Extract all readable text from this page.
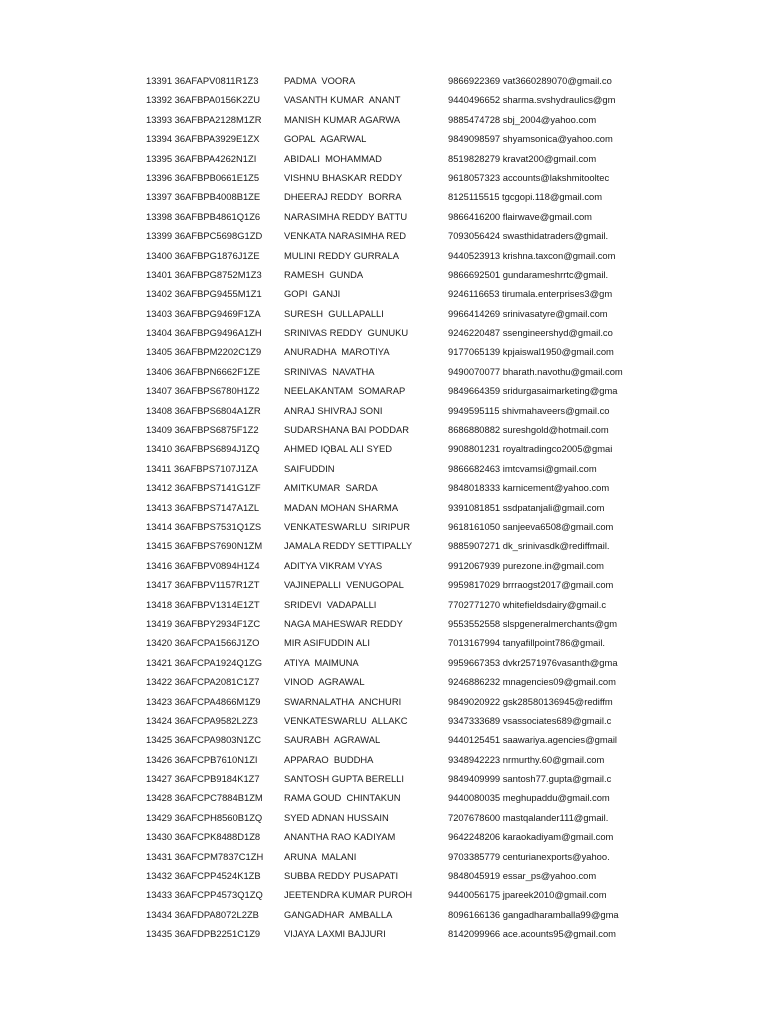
13391 36AFAPV0811R1Z3	PADMA  VOORA	9866922369 vat3660289070@gmail.co
13392 36AFBPA0156K2ZU	VASANTH KUMAR  ANANT	9440496652 sharma.svshydraulics@gm
13393 36AFBPA2128M1ZR	MANISH KUMAR AGARWA	9885474728 sbj_2004@yahoo.com
13394 36AFBPA3929E1ZX	GOPAL  AGARWAL	9849098597 shyamsonica@yahoo.com
13395 36AFBPA4262N1ZI	ABIDALI  MOHAMMAD	8519828279 kravat200@gmail.com
13396 36AFBPB0661E1Z5	VISHNU BHASKAR REDDY	9618057323 accounts@lakshmitooltec
13397 36AFBPB4008B1ZE	DHEERAJ REDDY  BORRA	8125115515 tgcgopi.118@gmail.com
13398 36AFBPB4861Q1Z6	NARASIMHA REDDY BATTU	9866416200 flairwave@gmail.com
13399 36AFBPC5698G1ZD	VENKATA NARASIMHA RED	7093056424 swasthidatraders@gmail.
13400 36AFBPG1876J1ZE	MULINI REDDY GURRALA	9440523913 krishna.taxcon@gmail.com
13401 36AFBPG8752M1Z3	RAMESH  GUNDA	9866692501 gundarameshrrtc@gmail.
13402 36AFBPG9455M1Z1	GOPI  GANJI	9246116653 tirumala.enterprises3@gm
13403 36AFBPG9469F1ZA	SURESH  GULLAPALLI	9966414269 srinivasatyre@gmail.com
13404 36AFBPG9496A1ZH	SRINIVAS REDDY  GUNUKU	9246220487 ssengineershyd@gmail.co
13405 36AFBPM2202C1Z9	ANURADHA  MAROTIYA	9177065139 kpjaiswal1950@gmail.com
13406 36AFBPN6662F1ZE	SRINIVAS  NAVATHA	9490070077 bharath.navothu@gmail.com
13407 36AFBPS6780H1Z2	NEELAKANTAM  SOMARAP	9849664359 sridurgasaimarketing@gma
13408 36AFBPS6804A1ZR	ANRAJ SHIVRAJ SONI	9949595115 shivmahaveers@gmail.co
13409 36AFBPS6875F1Z2	SUDARSHANA BAI PODDAR	8686880882 sureshgold@hotmail.com
13410 36AFBPS6894J1ZQ	AHMED IQBAL ALI SYED	9908801231 royaltradingco2005@gmai
13411 36AFBPS7107J1ZA	SAIFUDDIN	9866682463 imtcvamsi@gmail.com
13412 36AFBPS7141G1ZF	AMITKUMAR  SARDA	9848018333 karnicement@yahoo.com
13413 36AFBPS7147A1ZL	MADAN MOHAN SHARMA	9391081851 ssdpatanjali@gmail.com
13414 36AFBPS7531Q1ZS	VENKATESWARLU  SIRIPUR	9618161050 sanjeeva6508@gmail.com
13415 36AFBPS7690N1ZM	JAMALA REDDY SETTIPALLY	9885907271 dk_srinivasdk@rediffmail.
13416 36AFBPV0894H1Z4	ADITYA VIKRAM VYAS	9912067939 purezone.in@gmail.com
13417 36AFBPV1157R1ZT	VAJINEPALLI  VENUGOPAL	9959817029 brrraogst2017@gmail.com
13418 36AFBPV1314E1ZT	SRIDEVI  VADAPALLI	7702771270 whitefieldsdairy@gmail.c
13419 36AFBPY2934F1ZC	NAGA MAHESWAR REDDY	9553552558 slspgeneralmerchants@gm
13420 36AFCPA1566J1ZO	MIR ASIFUDDIN ALI	7013167994 tanyafillpoint786@gmail.
13421 36AFCPA1924Q1ZG	ATIYA  MAIMUNA	9959667353 dvkr2571976vasanth@gma
13422 36AFCPA2081C1Z7	VINOD  AGRAWAL	9246886232 mnagencies09@gmail.com
13423 36AFCPA4866M1Z9	SWARNALATHA  ANCHURI	9849020922 gsk28580136945@rediffm
13424 36AFCPA9582L2Z3	VENKATESWARLU  ALLAKC	9347333689 vsassociates689@gmail.c
13425 36AFCPA9803N1ZC	SAURABH  AGRAWAL	9440125451 saawariya.agencies@gmail
13426 36AFCPB7610N1ZI	APPARAO  BUDDHA	9348942223 nrmurthy.60@gmail.com
13427 36AFCPB9184K1Z7	SANTOSH GUPTA BERELLI	9849409999 santosh77.gupta@gmail.c
13428 36AFCPC7884B1ZM	RAMA GOUD  CHINTAKUN	9440080035 meghupaddu@gmail.com
13429 36AFCPH8560B1ZQ	SYED ADNAN HUSSAIN	7207678600 mastqalander111@gmail.
13430 36AFCPK8488D1Z8	ANANTHA RAO KADIYAM	9642248206 karaokadiyam@gmail.com
13431 36AFCPM7837C1ZH	ARUNA  MALANI	9703385779 centurianexports@yahoo.
13432 36AFCPP4524K1ZB	SUBBA REDDY PUSAPATI	9848045919 essar_ps@yahoo.com
13433 36AFCPP4573Q1ZQ	JEETENDRA KUMAR PUROH	9440056175 jpareek2010@gmail.com
13434 36AFDPA8072L2ZB	GANGADHAR  AMBALLA	8096166136 gangadharamballa99@gma
13435 36AFDPB2251C1Z9	VIJAYA LAXMI BAJJURI	8142099966 ace.acounts95@gmail.com
